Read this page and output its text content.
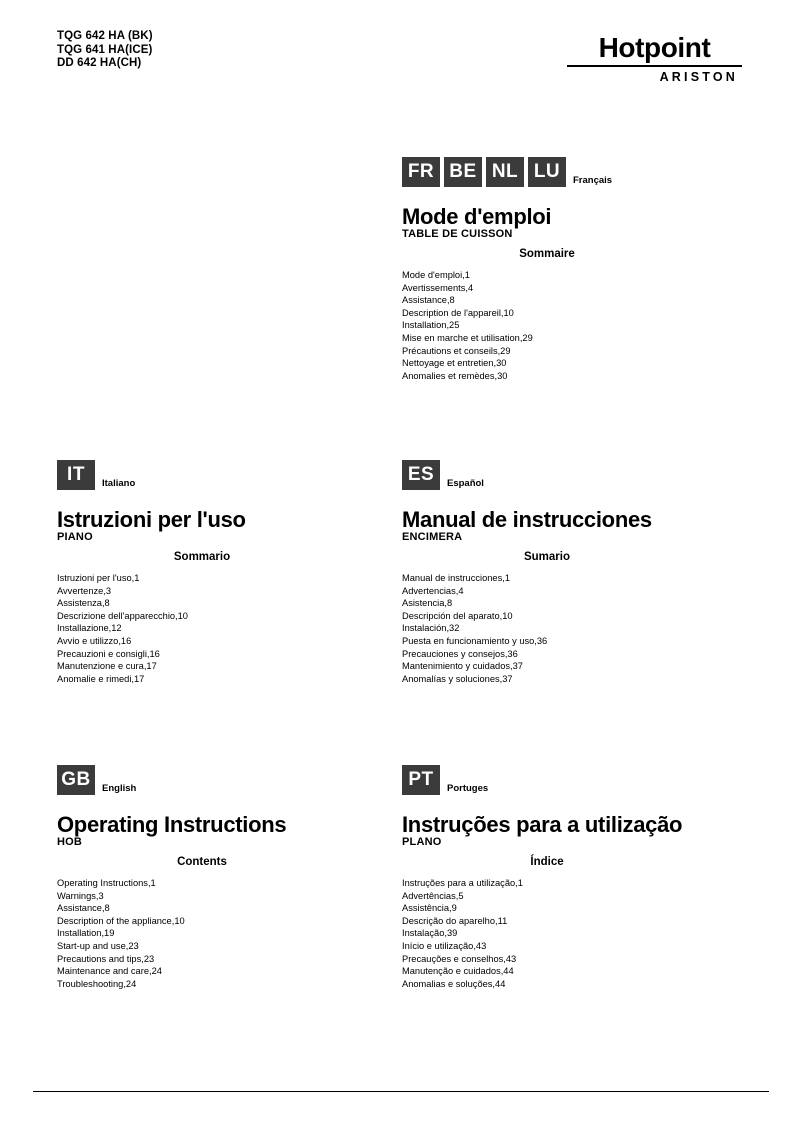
TQG 642 HA (BK)
TQG 641 HA(ICE)
DD 642 HA(CH)	Hotpoint
ARISTON
FR BE NL LU	Français
Mode d'emploi
TABLE DE CUISSON
Sommaire
Mode d'emploi,1
Avertissements,4
Assistance,8
Description de l'appareil,10
Installation,25
Mise en marche et utilisation,29
Précautions et conseils,29
Nettoyage et entretien,30
Anomalies et remèdes,30
IT	Italiano
Istruzioni per l'uso
PIANO
Sommario
Istruzioni per l'uso,1
Avvertenze,3
Assistenza,8
Descrizione dell'apparecchio,10
Installazione,12
Avvio e utilizzo,16
Precauzioni e consigli,16
Manutenzione e cura,17
Anomalie e rimedi,17
ES	Español
Manual de instrucciones
ENCIMERA
Sumario
Manual de instrucciones,1
Advertencias,4
Asistencia,8
Descripción del aparato,10
Instalación,32
Puesta en funcionamiento y uso,36
Precauciones y consejos,36
Mantenimiento y cuidados,37
Anomalías y soluciones,37
GB	English
Operating Instructions
HOB
Contents
Operating Instructions,1
Warnings,3
Assistance,8
Description of the appliance,10
Installation,19
Start-up and use,23
Precautions and tips,23
Maintenance and care,24
Troubleshooting,24
PT	Portuges
Instruções para a utilização
PLANO
Índice
Instruções para a utilização,1
Advertências,5
Assistência,9
Descrição do aparelho,11
Instalação,39
Início e utilização,43
Precauções e conselhos,43
Manutenção e cuidados,44
Anomalias e soluções,44
